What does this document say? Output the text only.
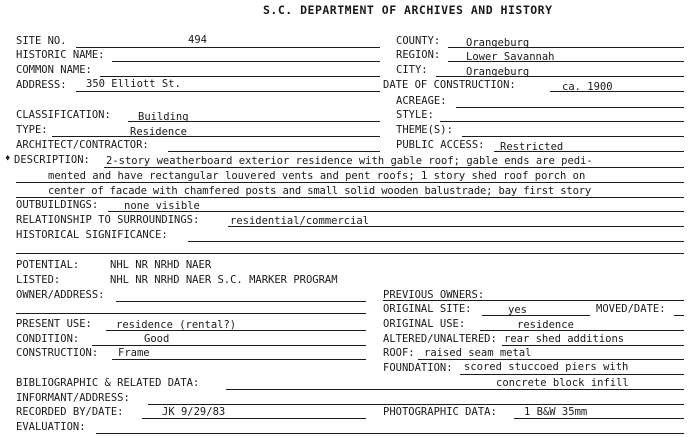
S.C. DEPARTMENT OF ARCHIVES AND HISTORY
SITE NO.	494
HISTORIC NAME:
COMMON NAME:
ADDRESS: 350 Elliott St.
COUNTY: Orangeburg
REGION: Lower Savannah
CITY:	Orangeburg
DATE OF CONSTRUCTION:	ca. 1900
ACREAGE:
CLASSIFICATION:	Building
TYPE:	Residence
ARCHITECT/CONTRACTOR:
STYLE:
THEME(S):
PUBLIC ACCESS: Restricted
♦ DESCRIPTION: 2-story weatherboard exterior residence with gable roof; gable ends are pedi-
mented and have rectangular louvered vents and pent roofs; 1 story shed roof porch on
center of facade with chamfered posts and small solid wooden balustrade; bay first story
OUTBUILDINGS: none visible
RELATIONSHIP TO SURROUNDINGS:	residential/commercial
HISTORICAL SIGNIFICANCE:
POTENTIAL:	NHL NR NRHD NAER
LISTED:	NHL NR NRHD NAER S.C. MARKER PROGRAM
OWNER/ADDRESS:	PREVIOUS OWNERS:
ORIGINAL SITE:	yes	MOVED/DATE:
PRESENT USE: residence (rental?)	ORIGINAL USE:	residence
CONDITION:	Good	ALTERED/UNALTERED: rear shed additions
CONSTRUCTION: Frame	ROOF: raised seam metal
FOUNDATION: scored stuccoed piers with
concrete block infill
BIBLIOGRAPHIC & RELATED DATA:
INFORMANT/ADDRESS:
RECORDED BY/DATE:	JK 9/29/83	PHOTOGRAPHIC DATA:	1 B&W 35mm
EVALUATION:
